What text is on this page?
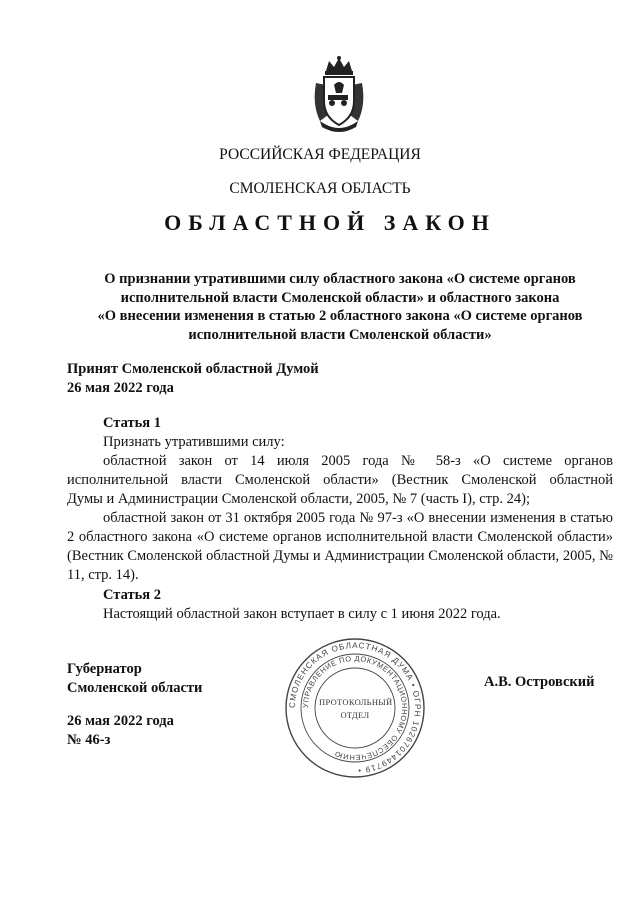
РОССИЙСКАЯ ФЕДЕРАЦИЯ
СМОЛЕНСКАЯ ОБЛАСТЬ
ОБЛАСТНОЙ ЗАКОН
О признании утратившими силу областного закона «О системе органов
исполнительной власти Смоленской области» и областного закона
«О внесении изменения в статью 2 областного закона «О системе органов
исполнительной власти Смоленской области»
Принят Смоленской областной Думой
26 мая 2022 года
Статья 1
Признать утратившими силу:
областной закон от 14 июля 2005 года № 58-з «О системе органов
исполнительной власти Смоленской области» (Вестник Смоленской областной
Думы и Администрации Смоленской области, 2005, № 7 (часть I), стр. 24);
областной закон от 31 октября 2005 года № 97-з «О внесении изменения в статью 2 областного закона «О системе органов исполнительной власти Смоленской области» (Вестник Смоленской областной Думы и Администрации Смоленской области, 2005, № 11, стр. 14).
Статья 2
Настоящий областной закон вступает в силу с 1 июня 2022 года.
Губернатор
Смоленской области	А.В. Островский
26 мая 2022 года
№ 46-з
СМОЛЕНСКАЯ ОБЛАСТНАЯ ДУМА • ОГРН 1026701449719 •
УПРАВЛЕНИЕ ПО ДОКУМЕНТАЦИОННОМУ ОБЕСПЕЧЕНИЮ
ПРОТОКОЛЬНЫЙ
ОТДЕЛ
